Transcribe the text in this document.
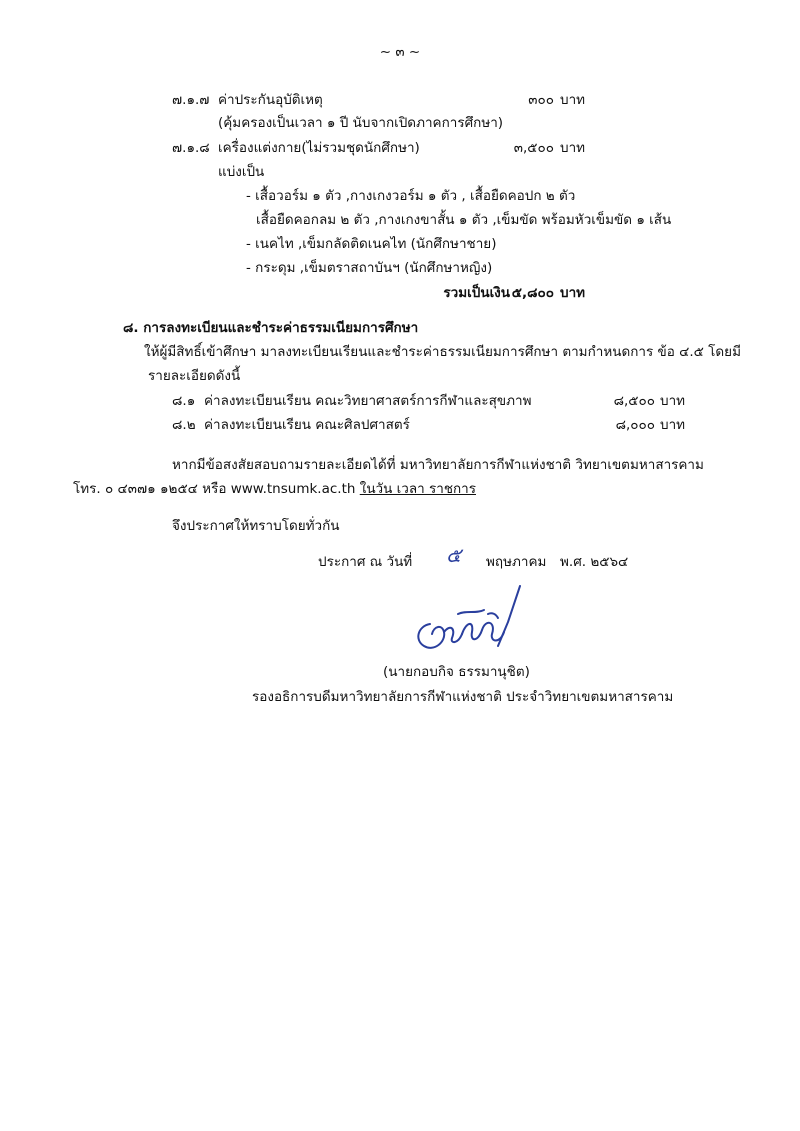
~ ๓ ~
๗.๑.๗ ค่าประกันอุบัติเหตุ	๓๐๐ บาท
(คุ้มครองเป็นเวลา ๑ ปี นับจากเปิดภาคการศึกษา)
๗.๑.๘ เครื่องแต่งกาย(ไม่รวมชุดนักศึกษา)	๓,๕๐๐ บาท
แบ่งเป็น
- เสื้อวอร์ม ๑ ตัว ,กางเกงวอร์ม ๑ ตัว , เสื้อยืดคอปก ๒ ตัว
เสื้อยืดคอกลม ๒ ตัว ,กางเกงขาสั้น ๑ ตัว ,เข็มขัด พร้อมหัวเข็มขัด ๑ เส้น
- เนคไท ,เข็มกลัดติดเนคไท (นักศึกษาชาย)
- กระดุม ,เข็มตราสถาบันฯ (นักศึกษาหญิง)
รวมเป็นเงิน ๕,๘๐๐ บาท
๘. การลงทะเบียนและชำระค่าธรรมเนียมการศึกษา
ให้ผู้มีสิทธิ์เข้าศึกษา มาลงทะเบียนเรียนและชำระค่าธรรมเนียมการศึกษา ตามกำหนดการ ข้อ ๔.๕ โดยมี
รายละเอียดดังนี้
๘.๑ ค่าลงทะเบียนเรียน คณะวิทยาศาสตร์การกีฬาและสุขภาพ	๘,๕๐๐ บาท
๘.๒ ค่าลงทะเบียนเรียน คณะศิลปศาสตร์	๘,๐๐๐ บาท
หากมีข้อสงสัยสอบถามรายละเอียดได้ที่ มหาวิทยาลัยการกีฬาแห่งชาติ วิทยาเขตมหาสารคาม
โทร. ๐ ๔๓๗๑ ๑๒๕๔ หรือ www.tnsumk.ac.th ในวัน เวลา ราชการ
จึงประกาศให้ทราบโดยทั่วกัน
ประกาศ ณ วันที่ ๕ พฤษภาคม พ.ศ. ๒๕๖๔
(นายกอบกิจ ธรรมานุชิต)
รองอธิการบดีมหาวิทยาลัยการกีฬาแห่งชาติ ประจำวิทยาเขตมหาสารคาม
